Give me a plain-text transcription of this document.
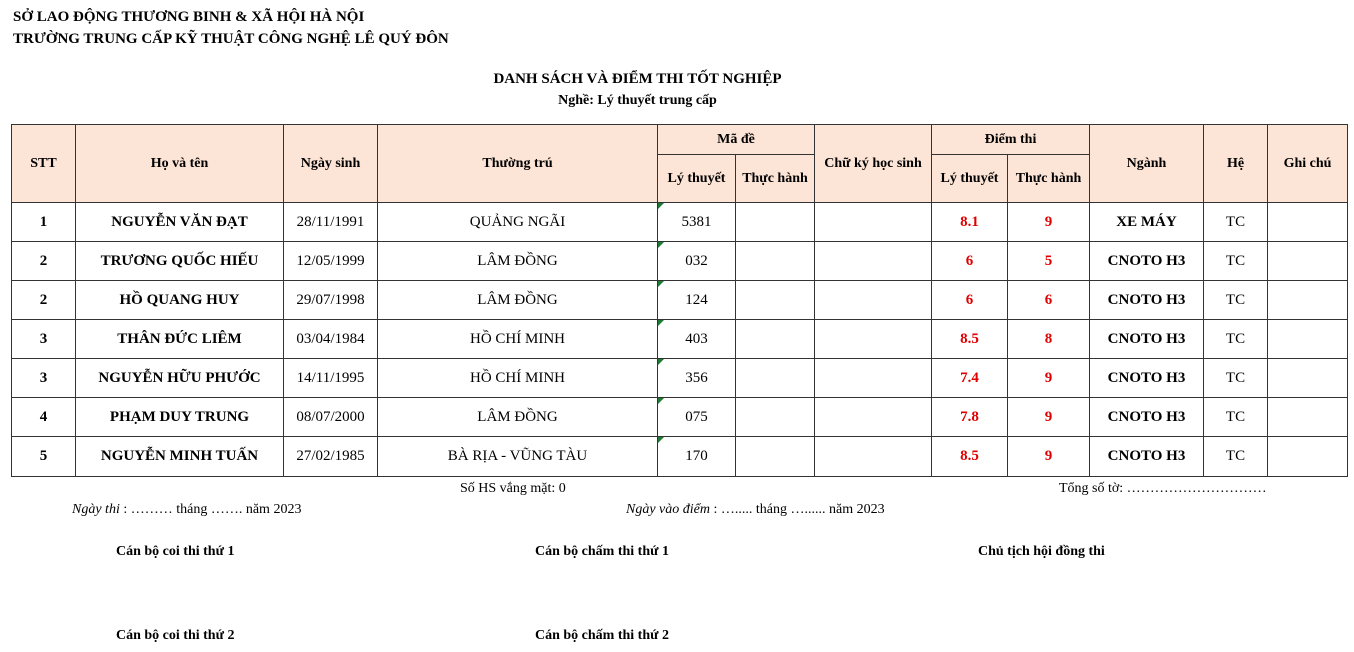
SỞ LAO ĐỘNG THƯƠNG BINH & XÃ HỘI HÀ NỘI
TRƯỜNG TRUNG CẤP KỸ THUẬT CÔNG NGHỆ LÊ QUÝ ĐÔN
DANH SÁCH VÀ ĐIỂM THI TỐT NGHIỆP
Nghề: Lý thuyết trung cấp
STT	Họ và tên	Ngày sinh	Thường trú	Mã đề		Chữ ký học sinh	Điểm thi		Ngành	Hệ	Ghi chú
				Lý thuyết	Thực hành		Lý thuyết	Thực hành			
1	NGUYỄN VĂN ĐẠT	28/11/1991	QUẢNG NGÃI	5381			8.1	9	XE MÁY	TC	
2	TRƯƠNG QUỐC HIẾU	12/05/1999	LÂM ĐỒNG	032			6	5	CNOTO H3	TC	
2	HỒ QUANG HUY	29/07/1998	LÂM ĐỒNG	124			6	6	CNOTO H3	TC	
3	THÂN ĐỨC LIÊM	03/04/1984	HỒ CHÍ MINH	403			8.5	8	CNOTO H3	TC	
3	NGUYỄN HỮU PHƯỚC	14/11/1995	HỒ CHÍ MINH	356			7.4	9	CNOTO H3	TC	
4	PHẠM DUY TRUNG	08/07/2000	LÂM ĐỒNG	075			7.8	9	CNOTO H3	TC	
5	NGUYỄN MINH TUẤN	27/02/1985	BÀ RỊA - VŨNG TÀU	170			8.5	9	CNOTO H3	TC	
Số HS vắng mặt: 0	Tổng số tờ: …………………………
Ngày thi : ……… tháng ……. năm 2023	Ngày vào điểm : …..... tháng …...... năm 2023
Cán bộ coi thi thứ 1	Cán bộ chấm thi thứ 1	Chủ tịch hội đồng thi
Cán bộ coi thi thứ 2	Cán bộ chấm thi thứ 2
